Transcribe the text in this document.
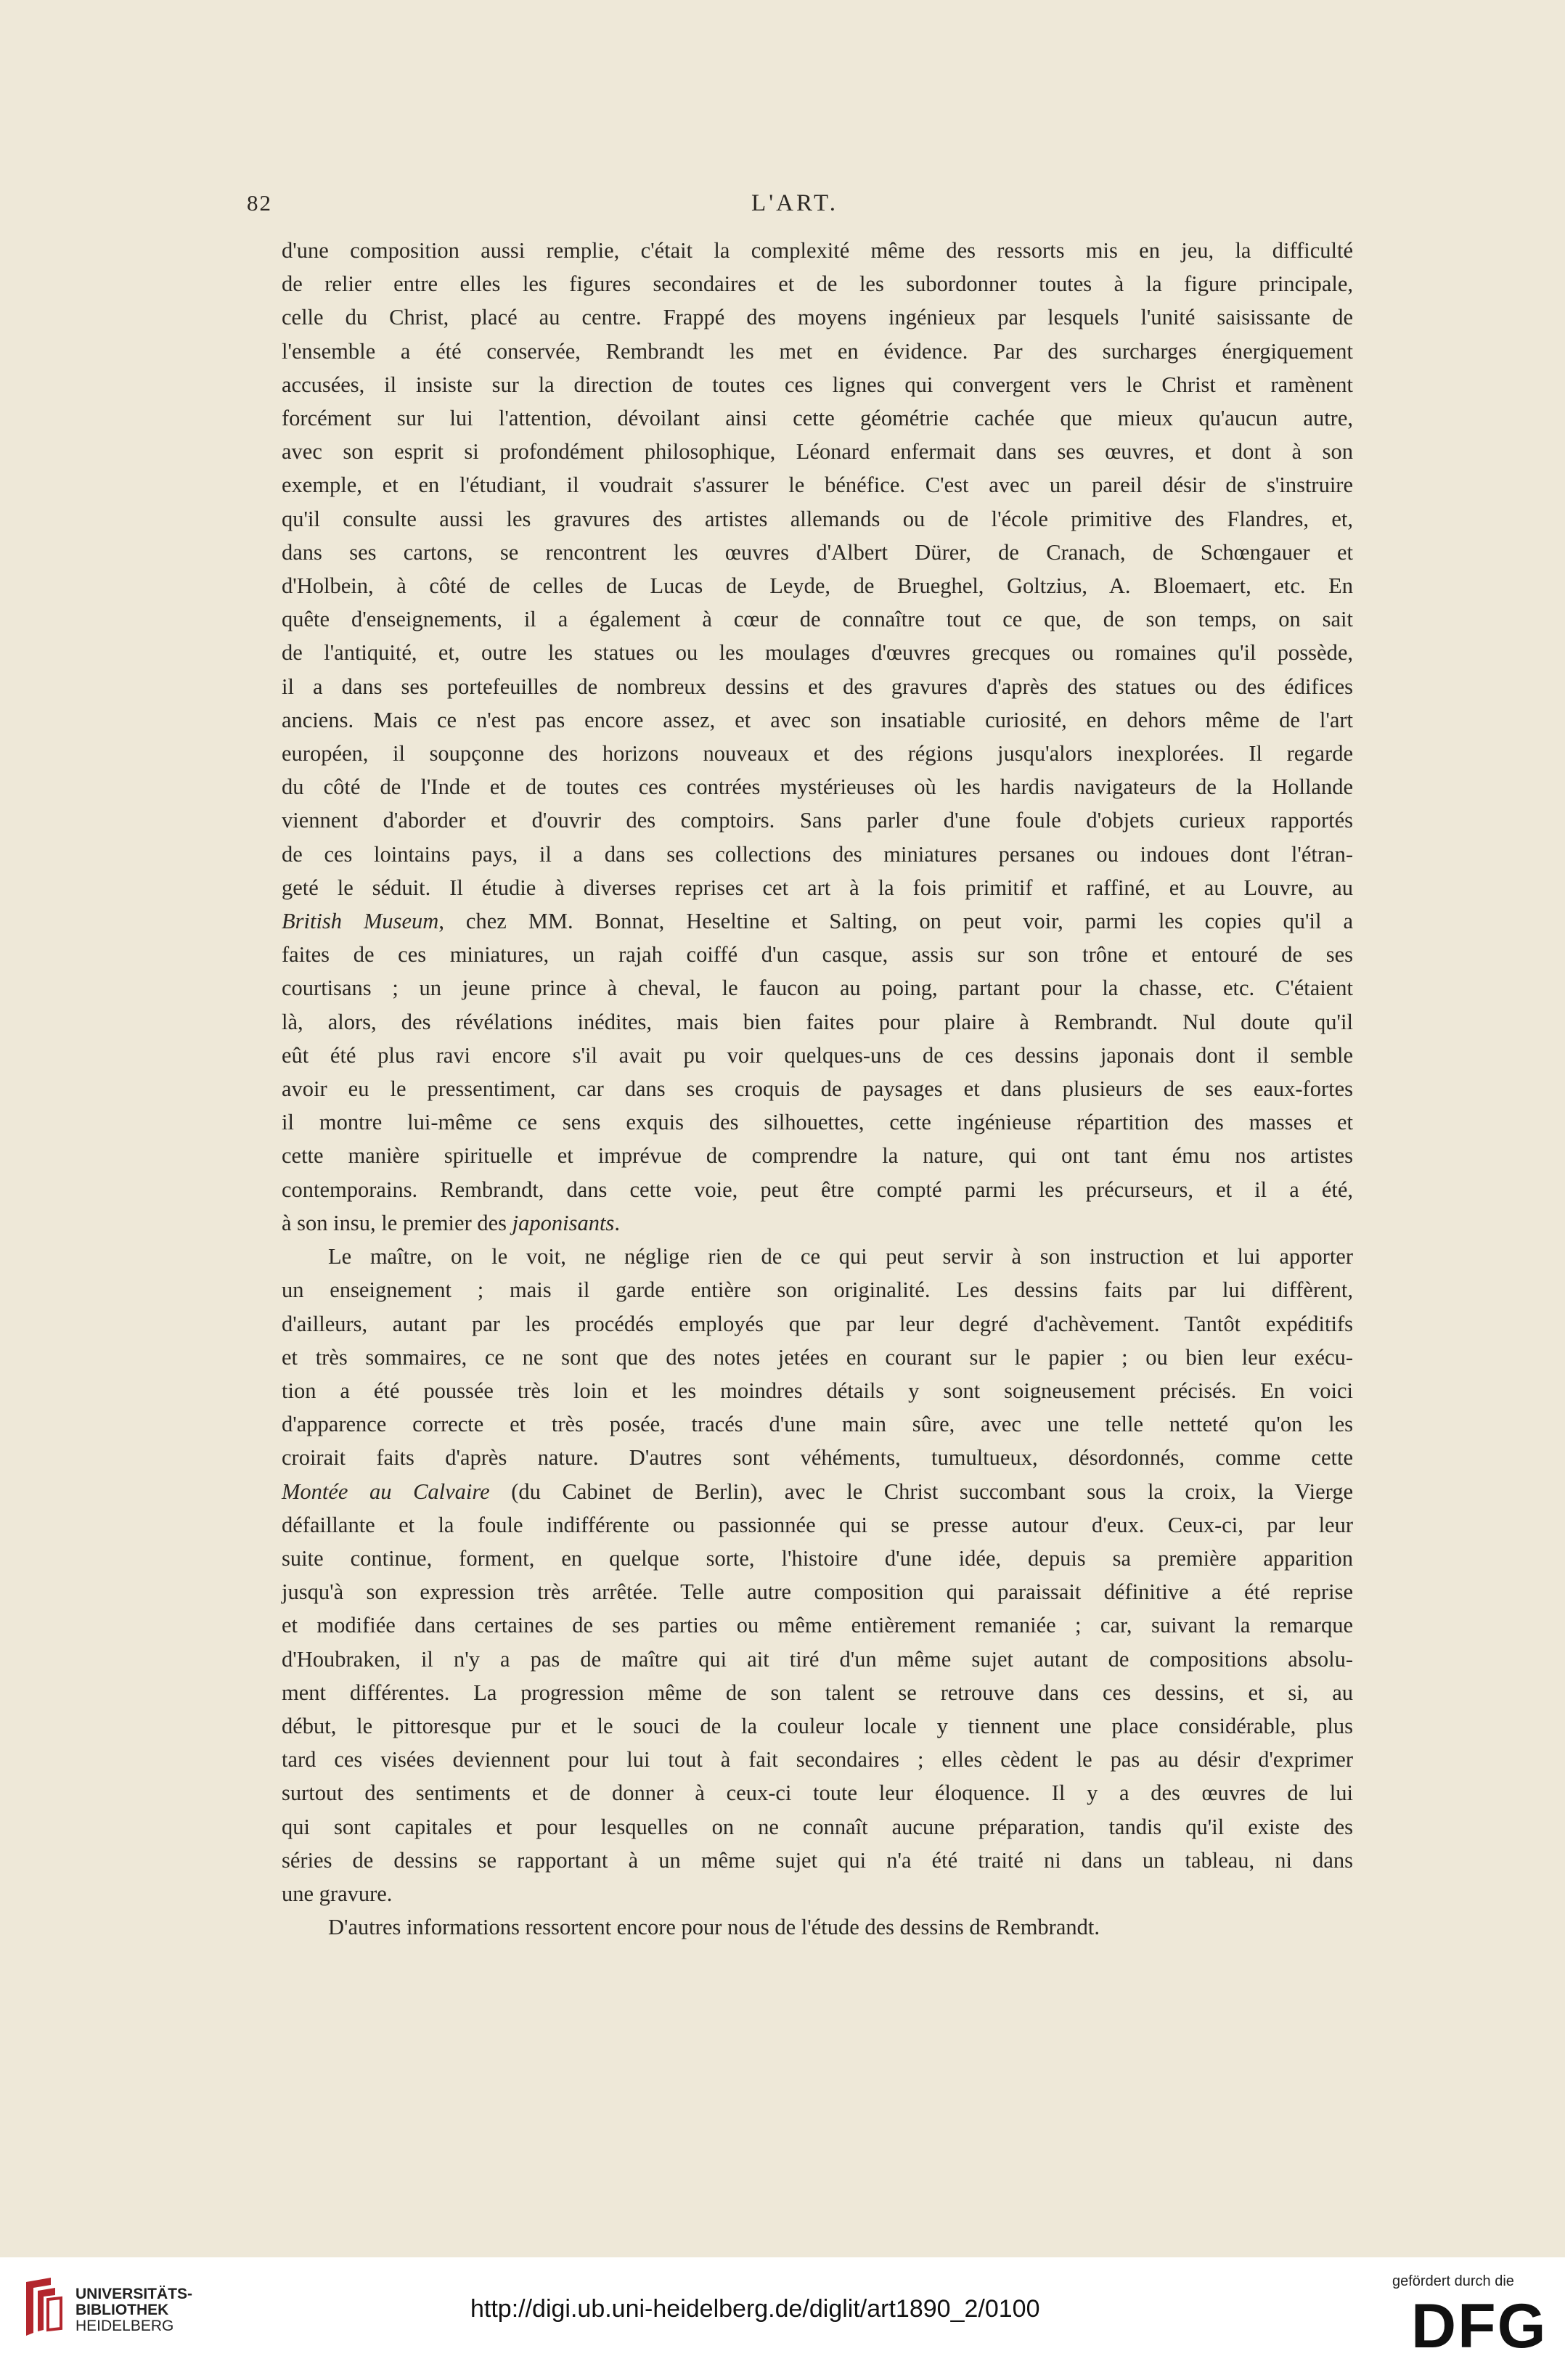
82	L'ART.
d'une composition aussi remplie, c'était la complexité même des ressorts mis en jeu, la difficulté
de relier entre elles les figures secondaires et de les subordonner toutes à la figure principale,
celle du Christ, placé au centre. Frappé des moyens ingénieux par lesquels l'unité saisissante de
l'ensemble a été conservée, Rembrandt les met en évidence. Par des surcharges énergiquement
accusées, il insiste sur la direction de toutes ces lignes qui convergent vers le Christ et ramènent
forcément sur lui l'attention, dévoilant ainsi cette géométrie cachée que mieux qu'aucun autre,
avec son esprit si profondément philosophique, Léonard enfermait dans ses œuvres, et dont à son
exemple, et en l'étudiant, il voudrait s'assurer le bénéfice. C'est avec un pareil désir de s'instruire
qu'il consulte aussi les gravures des artistes allemands ou de l'école primitive des Flandres, et,
dans ses cartons, se rencontrent les œuvres d'Albert Dürer, de Cranach, de Schœngauer et
d'Holbein, à côté de celles de Lucas de Leyde, de Brueghel, Goltzius, A. Bloemaert, etc. En
quête d'enseignements, il a également à cœur de connaître tout ce que, de son temps, on sait
de l'antiquité, et, outre les statues ou les moulages d'œuvres grecques ou romaines qu'il possède,
il a dans ses portefeuilles de nombreux dessins et des gravures d'après des statues ou des édifices
anciens. Mais ce n'est pas encore assez, et avec son insatiable curiosité, en dehors même de l'art
européen, il soupçonne des horizons nouveaux et des régions jusqu'alors inexplorées. Il regarde
du côté de l'Inde et de toutes ces contrées mystérieuses où les hardis navigateurs de la Hollande
viennent d'aborder et d'ouvrir des comptoirs. Sans parler d'une foule d'objets curieux rapportés
de ces lointains pays, il a dans ses collections des miniatures persanes ou indoues dont l'étran-
geté le séduit. Il étudie à diverses reprises cet art à la fois primitif et raffiné, et au Louvre, au
British Museum, chez MM. Bonnat, Heseltine et Salting, on peut voir, parmi les copies qu'il a
faites de ces miniatures, un rajah coiffé d'un casque, assis sur son trône et entouré de ses
courtisans ; un jeune prince à cheval, le faucon au poing, partant pour la chasse, etc. C'étaient
là, alors, des révélations inédites, mais bien faites pour plaire à Rembrandt. Nul doute qu'il
eût été plus ravi encore s'il avait pu voir quelques-uns de ces dessins japonais dont il semble
avoir eu le pressentiment, car dans ses croquis de paysages et dans plusieurs de ses eaux-fortes
il montre lui-même ce sens exquis des silhouettes, cette ingénieuse répartition des masses et
cette manière spirituelle et imprévue de comprendre la nature, qui ont tant ému nos artistes
contemporains. Rembrandt, dans cette voie, peut être compté parmi les précurseurs, et il a été,
à son insu, le premier des japonisants.
Le maître, on le voit, ne néglige rien de ce qui peut servir à son instruction et lui apporter
un enseignement ; mais il garde entière son originalité. Les dessins faits par lui diffèrent,
d'ailleurs, autant par les procédés employés que par leur degré d'achèvement. Tantôt expéditifs
et très sommaires, ce ne sont que des notes jetées en courant sur le papier ; ou bien leur exécu-
tion a été poussée très loin et les moindres détails y sont soigneusement précisés. En voici
d'apparence correcte et très posée, tracés d'une main sûre, avec une telle netteté qu'on les
croirait faits d'après nature. D'autres sont véhéments, tumultueux, désordonnés, comme cette
Montée au Calvaire (du Cabinet de Berlin), avec le Christ succombant sous la croix, la Vierge
défaillante et la foule indifférente ou passionnée qui se presse autour d'eux. Ceux-ci, par leur
suite continue, forment, en quelque sorte, l'histoire d'une idée, depuis sa première apparition
jusqu'à son expression très arrêtée. Telle autre composition qui paraissait définitive a été reprise
et modifiée dans certaines de ses parties ou même entièrement remaniée ; car, suivant la remarque
d'Houbraken, il n'y a pas de maître qui ait tiré d'un même sujet autant de compositions absolu-
ment différentes. La progression même de son talent se retrouve dans ces dessins, et si, au
début, le pittoresque pur et le souci de la couleur locale y tiennent une place considérable, plus
tard ces visées deviennent pour lui tout à fait secondaires ; elles cèdent le pas au désir d'exprimer
surtout des sentiments et de donner à ceux-ci toute leur éloquence. Il y a des œuvres de lui
qui sont capitales et pour lesquelles on ne connaît aucune préparation, tandis qu'il existe des
séries de dessins se rapportant à un même sujet qui n'a été traité ni dans un tableau, ni dans
une gravure.
D'autres informations ressortent encore pour nous de l'étude des dessins de Rembrandt.
UNIVERSITÄTS-
BIBLIOTHEK
HEIDELBERG
http://digi.ub.uni-heidelberg.de/diglit/art1890_2/0100
gefördert durch die
DFG
